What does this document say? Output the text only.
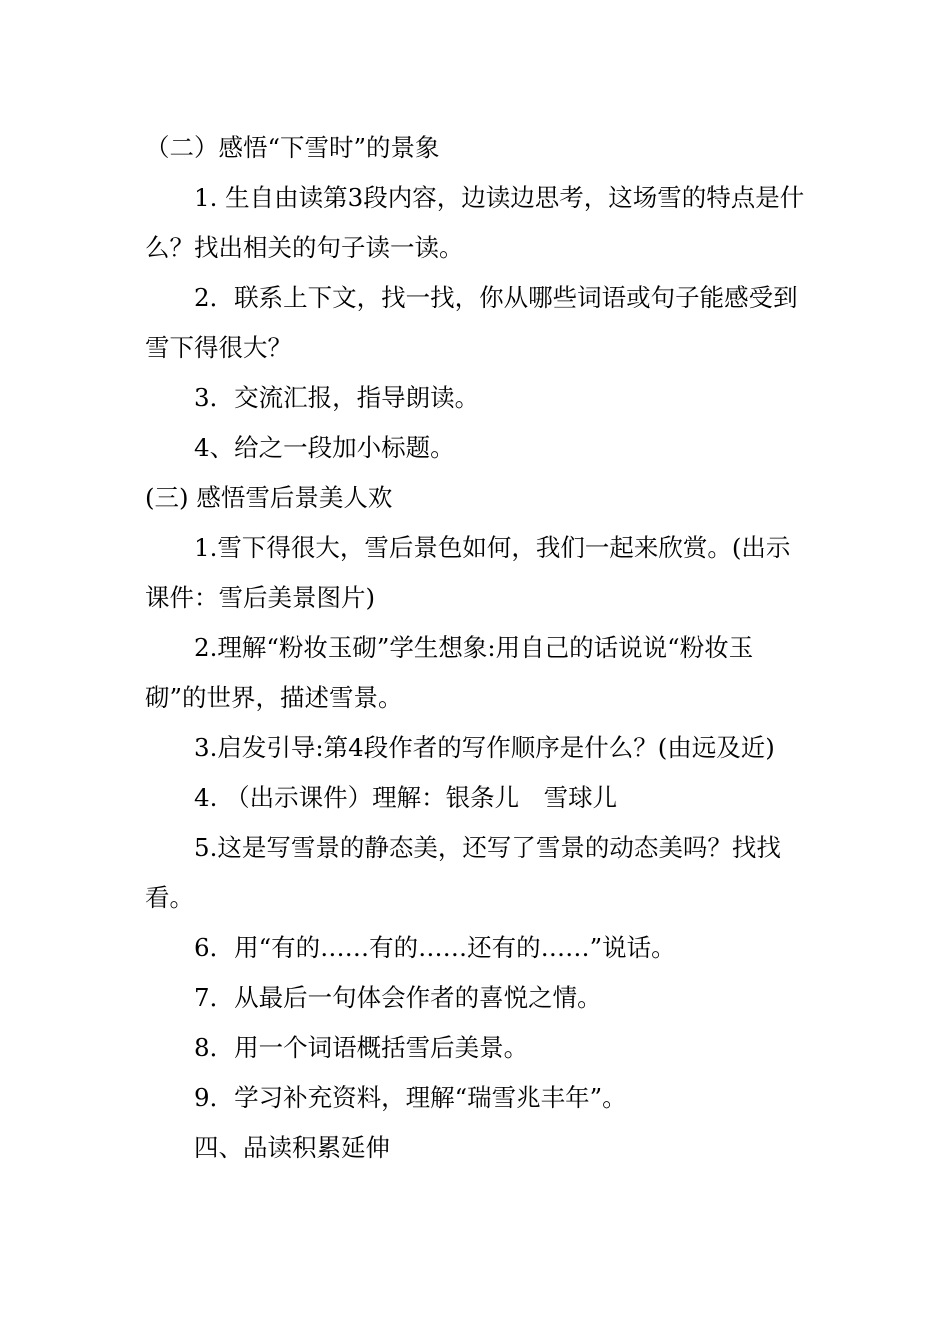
（二）感悟“下雪时”的景象

1. 生自由读第3段内容，边读边思考，这场雪的特点是什么？找出相关的句子读一读。

2．联系上下文，找一找，你从哪些词语或句子能感受到雪下得很大？

3．交流汇报，指导朗读。

4、给之一段加小标题。

(三) 感悟雪后景美人欢

1.雪下得很大，雪后景色如何，我们一起来欣赏。(出示课件：雪后美景图片)

2.理解“粉妆玉砌”学生想象:用自己的话说说“粉妆玉砌”的世界，描述雪景。

3.启发引导:第4段作者的写作顺序是什么？(由远及近)

4. （出示课件）理解：银条儿　雪球儿

5.这是写雪景的静态美，还写了雪景的动态美吗？找找看。

6．用“有的……有的……还有的……”说话。

7．从最后一句体会作者的喜悦之情。

8．用一个词语概括雪后美景。

9．学习补充资料，理解“瑞雪兆丰年”。

四、品读积累延伸
